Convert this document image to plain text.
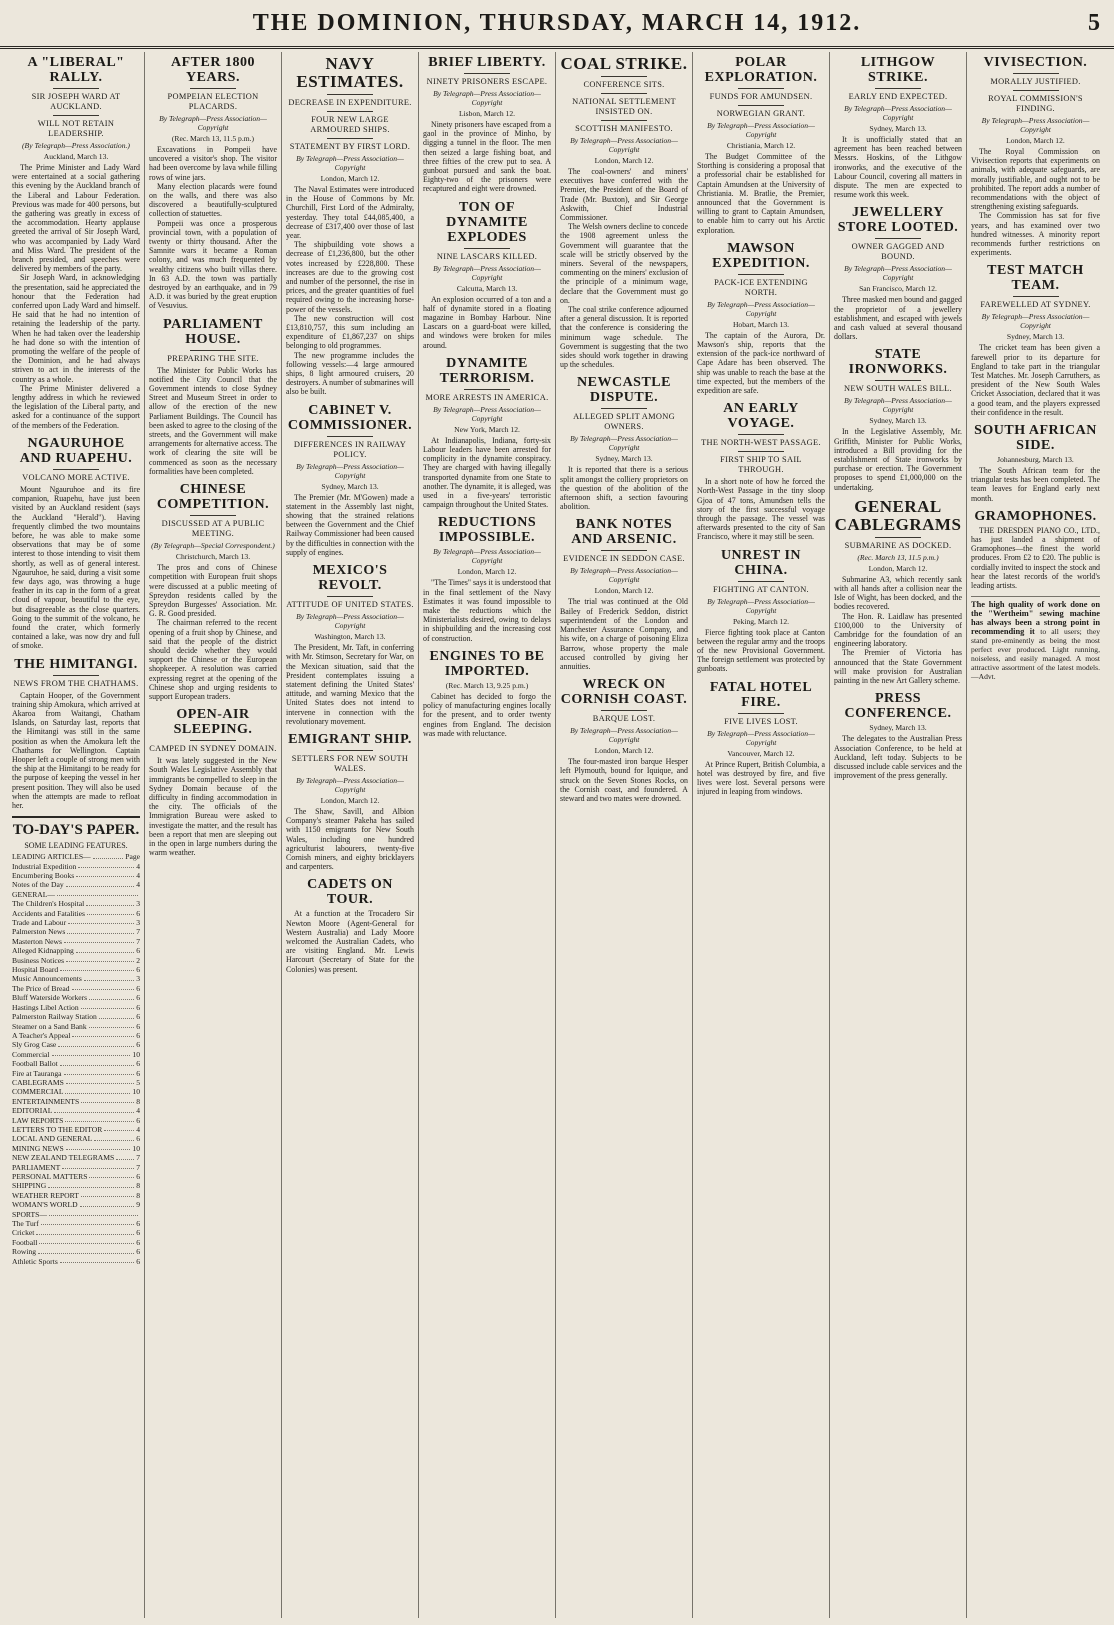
THE DOMINION, THURSDAY, MARCH 14, 1912.	5
A "LIBERAL" RALLY.
SIR JOSEPH WARD AT AUCKLAND.
WILL NOT RETAIN LEADERSHIP.
(By Telegraph—Press Association.)
Auckland, March 13.

The Prime Minister and Lady Ward were entertained at a social gathering this evening by the Auckland branch of the Liberal and Labour Federation. Previous was made for 400 persons, but the gathering was greatly in excess of the accommodation. Hearty applause greeted the arrival of Sir Joseph Ward, who was accompanied by Lady Ward and Miss Ward. The president of the branch presided, and speeches were delivered by members of the party.

Sir Joseph Ward, in acknowledging the presentation, said he appreciated the honour that the Federation had conferred upon Lady Ward and himself. He said that he had no intention of retaining the leadership of the party. When he had taken over the leadership he had done so with the intention of promoting the welfare of the people of the Dominion, and he had always striven to act in the interests of the country as a whole.

The Prime Minister delivered a lengthy address in which he reviewed the legislation of the Liberal party, and asked for a continuance of the support of the members of the Federation.

NGAURUHOE AND RUAPEHU.
VOLCANO MORE ACTIVE.

Mount Ngauruhoe and its fire companion, Ruapehu, have just been visited by an Auckland resident (says the Auckland "Herald"). Having frequently climbed the two mountains before, he was able to make some observations that may be of some interest to those intending to visit them shortly, as well as of general interest. Ngauruhoe, he said, during a visit some few days ago, was throwing a huge feather in its cap in the form of a great cloud of vapour, beautiful to the eye, but disagreeable as the close quarters. Going to the summit of the volcano, he found the crater, which formerly contained a lake, was now dry and full of smoke.

THE HIMITANGI.
NEWS FROM THE CHATHAMS.

Captain Hooper, of the Government training ship Amokura, which arrived at Akaroa from Waitangi, Chatham Islands, on Saturday last, reports that the Himitangi was still in the same position as when the Amokura left the Chathams for Wellington. Captain Hooper left a couple of strong men with the ship at the Himitangi to be ready for the purpose of keeping the vessel in her present position. They will also be used when the attempts are made to refloat her.

TO-DAY'S PAPER.
SOME LEADING FEATURES.
LEADING ARTICLES—	Page
Industrial Expedition	4
Encumbering Books	4
Notes of the Day	4
GENERAL—
The Children's Hospital	3
Accidents and Fatalities	6
Trade and Labour	3
Palmerston News	7
Masterton News	7
Alleged Kidnapping	6
Business Notices	2
Hospital Board	6
Music Announcements	3
The Price of Bread	6
Bluff Waterside Workers	6
Hastings Libel Action	6
Palmerston Railway Station	6
Steamer on a Sand Bank	6
A Teacher's Appeal	6
Sly Grog Case	6
Commercial	10
Football Ballot	6
Fire at Tauranga	6
CABLEGRAMS	5
COMMERCIAL	10
ENTERTAINMENTS	8
EDITORIAL	4
LAW REPORTS	6
LETTERS TO THE EDITOR	4
LOCAL AND GENERAL	6
MINING NEWS	10
NEW ZEALAND TELEGRAMS	7
PARLIAMENT	7
PERSONAL MATTERS	6
SHIPPING	8
WEATHER REPORT	8
WOMAN'S WORLD	9
SPORTS—
The Turf	6
Cricket	6
Football	6
Rowing	6
Athletic Sports	6
AFTER 1800 YEARS.
POMPEIAN ELECTION PLACARDS.
By Telegraph—Press Association—Copyright
(Rec. March 13, 11.5 p.m.)

Excavations in Pompeii have uncovered a visitor's shop. The visitor had been overcome by lava while filling rows of wine jars.

Many election placards were found on the walls, and there was also discovered a beautifully-sculptured collection of statuettes.

Pompeii was once a prosperous provincial town, with a population of twenty or thirty thousand. After the Samnite wars it became a Roman colony, and was much frequented by wealthy citizens who built villas there. In 63 A.D. the town was partially destroyed by an earthquake, and in 79 A.D. it was buried by the great eruption of Vesuvius.

PARLIAMENT HOUSE.
PREPARING THE SITE.

The Minister for Public Works has notified the City Council that the Government intends to close Sydney Street and Museum Street in order to allow of the erection of the new Parliament Buildings. The Council has been asked to agree to the closing of the streets, and the Government will make arrangements for alternative access. The work of clearing the site will be commenced as soon as the necessary formalities have been completed.

CHINESE COMPETITION.
DISCUSSED AT A PUBLIC MEETING.
(By Telegraph—Special Correspondent.)
Christchurch, March 13.

The pros and cons of Chinese competition with European fruit shops were discussed at a public meeting of Spreydon residents called by the Spreydon Burgesses' Association. Mr. G. R. Good presided.

The chairman referred to the recent opening of a fruit shop by Chinese, and said that the people of the district should decide whether they would support the Chinese or the European shopkeeper. A resolution was carried expressing regret at the opening of the Chinese shop and urging residents to support European traders.

OPEN-AIR SLEEPING.
CAMPED IN SYDNEY DOMAIN.

It was lately suggested in the New South Wales Legislative Assembly that immigrants be compelled to sleep in the Sydney Domain because of the difficulty in finding accommodation in the city. The officials of the Immigration Bureau were asked to investigate the matter, and the result has been a report that men are sleeping out in the open in large numbers during the warm weather.

NAVY ESTIMATES.
DECREASE IN EXPENDITURE.
FOUR NEW LARGE ARMOURED SHIPS.
STATEMENT BY FIRST LORD.
By Telegraph—Press Association—Copyright
London, March 12.

The Naval Estimates were introduced in the House of Commons by Mr. Churchill, First Lord of the Admiralty, yesterday. They total £44,085,400, a decrease of £317,400 over those of last year.

The shipbuilding vote shows a decrease of £1,236,800, but the other votes increased by £228,800. These increases are due to the growing cost and number of the personnel, the rise in prices, and the greater quantities of fuel required owing to the increasing horse-power of the vessels.

The new construction will cost £13,810,757, this sum including an expenditure of £1,867,237 on ships belonging to old programmes.

The new programme includes the following vessels:—4 large armoured ships, 8 light armoured cruisers, 20 destroyers. A number of submarines will also be built.

CABINET V. COMMISSIONER.
DIFFERENCES IN RAILWAY POLICY.
By Telegraph—Press Association—Copyright
Sydney, March 13.

The Premier (Mr. M'Gowen) made a statement in the Assembly last night, showing that the strained relations between the Government and the Chief Railway Commissioner had been caused by the difficulties in connection with the supply of engines.

MEXICO'S REVOLT.
ATTITUDE OF UNITED STATES.
By Telegraph—Press Association—Copyright
Washington, March 13.

The President, Mr. Taft, in conferring with Mr. Stimson, Secretary for War, on the Mexican situation, said that the President contemplates issuing a statement defining the United States' attitude, and warning Mexico that the United States does not intend to intervene in connection with the revolutionary movement.

EMIGRANT SHIP.
SETTLERS FOR NEW SOUTH WALES.
By Telegraph—Press Association—Copyright
London, March 12.

The Shaw, Savill, and Albion Company's steamer Pakeha has sailed with 1150 emigrants for New South Wales, including one hundred agriculturist labourers, twenty-five Cornish miners, and eighty bricklayers and carpenters.

CADETS ON TOUR.

At a function at the Trocadero Sir Newton Moore (Agent-General for Western Australia) and Lady Moore welcomed the Australian Cadets, who are visiting England. Mr. Lewis Harcourt (Secretary of State for the Colonies) was present.

BRIEF LIBERTY.
NINETY PRISONERS ESCAPE.
By Telegraph—Press Association—Copyright
Lisbon, March 12.

Ninety prisoners have escaped from a gaol in the province of Minho, by digging a tunnel in the floor. The men then seized a large fishing boat, and three fifties of the crew put to sea. A gunboat pursued and sank the boat. Eighty-two of the prisoners were recaptured and eight were drowned.

TON OF DYNAMITE EXPLODES
NINE LASCARS KILLED.
By Telegraph—Press Association—Copyright
Calcutta, March 13.

An explosion occurred of a ton and a half of dynamite stored in a floating magazine in Bombay Harbour. Nine Lascars on a guard-boat were killed, and windows were broken for miles around.

DYNAMITE TERRORISM.
MORE ARRESTS IN AMERICA.
By Telegraph—Press Association—Copyright
New York, March 12.

At Indianapolis, Indiana, forty-six Labour leaders have been arrested for complicity in the dynamite conspiracy. They are charged with having illegally transported dynamite from one State to another. The dynamite, it is alleged, was used in a five-years' terroristic campaign throughout the United States.

REDUCTIONS IMPOSSIBLE.
By Telegraph—Press Association—Copyright
London, March 12.

"The Times" says it is understood that in the final settlement of the Navy Estimates it was found impossible to make the reductions which the Ministerialists desired, owing to delays in shipbuilding and the increasing cost of construction.

ENGINES TO BE IMPORTED.
(Rec. March 13, 9.25 p.m.)

Cabinet has decided to forgo the policy of manufacturing engines locally for the present, and to order twenty engines from England. The decision was made with reluctance.

COAL STRIKE.
CONFERENCE SITS.
NATIONAL SETTLEMENT INSISTED ON.
SCOTTISH MANIFESTO.
By Telegraph—Press Association—Copyright
London, March 12.

The coal-owners' and miners' executives have conferred with the Premier, the President of the Board of Trade (Mr. Buxton), and Sir George Askwith, Chief Industrial Commissioner.

The Welsh owners decline to concede the 1908 agreement unless the Government will guarantee that the scale will be strictly observed by the miners. Several of the newspapers, commenting on the miners' exclusion of the principle of a minimum wage, declare that the Government must go on.

The coal strike conference adjourned after a general discussion. It is reported that the conference is considering the minimum wage schedule. The Government is suggesting that the two sides should work together in drawing up the schedules.

NEWCASTLE DISPUTE.
ALLEGED SPLIT AMONG OWNERS.
By Telegraph—Press Association—Copyright
Sydney, March 13.

It is reported that there is a serious split amongst the colliery proprietors on the question of the abolition of the afternoon shift, a section favouring abolition.

BANK NOTES AND ARSENIC.
EVIDENCE IN SEDDON CASE.
By Telegraph—Press Association—Copyright
London, March 12.

The trial was continued at the Old Bailey of Frederick Seddon, district superintendent of the London and Manchester Assurance Company, and his wife, on a charge of poisoning Eliza Barrow, whose property the male accused controlled by giving her annuities.

WRECK ON CORNISH COAST.
BARQUE LOST.
By Telegraph—Press Association—Copyright
London, March 12.

The four-masted iron barque Hesper left Plymouth, bound for Iquique, and struck on the Seven Stones Rocks, on the Cornish coast, and foundered. A steward and two mates were drowned.

POLAR EXPLORATION.
FUNDS FOR AMUNDSEN.
NORWEGIAN GRANT.
By Telegraph—Press Association—Copyright
Christiania, March 12.

The Budget Committee of the Storthing is considering a proposal that a professorial chair be established for Captain Amundsen at the University of Christiania. M. Bratlie, the Premier, announced that the Government is willing to grant to Captain Amundsen, to enable him to carry out his Arctic exploration.

MAWSON EXPEDITION.
PACK-ICE EXTENDING NORTH.
By Telegraph—Press Association—Copyright
Hobart, March 13.

The captain of the Aurora, Dr. Mawson's ship, reports that the extension of the pack-ice northward of Cape Adare has been observed. The ship was unable to reach the base at the time expected, but the members of the expedition are safe.

AN EARLY VOYAGE.
THE NORTH-WEST PASSAGE.
FIRST SHIP TO SAIL THROUGH.

In a short note of how he forced the North-West Passage in the tiny sloop Gjoa of 47 tons, Amundsen tells the story of the first successful voyage through the passage. The vessel was afterwards presented to the city of San Francisco, where it may still be seen.

UNREST IN CHINA.
FIGHTING AT CANTON.
By Telegraph—Press Association—Copyright
Peking, March 12.

Fierce fighting took place at Canton between the regular army and the troops of the new Provisional Government. The foreign settlement was protected by gunboats.

FATAL HOTEL FIRE.
FIVE LIVES LOST.
By Telegraph—Press Association—Copyright
Vancouver, March 12.

At Prince Rupert, British Columbia, a hotel was destroyed by fire, and five lives were lost. Several persons were injured in leaping from windows.

LITHGOW STRIKE.
EARLY END EXPECTED.
By Telegraph—Press Association—Copyright
Sydney, March 13.

It is unofficially stated that an agreement has been reached between Messrs. Hoskins, of the Lithgow ironworks, and the executive of the Labour Council, covering all matters in dispute. The men are expected to resume work this week.

JEWELLERY STORE LOOTED.
OWNER GAGGED AND BOUND.
By Telegraph—Press Association—Copyright
San Francisco, March 12.

Three masked men bound and gagged the proprietor of a jewellery establishment, and escaped with jewels and cash valued at several thousand dollars.

STATE IRONWORKS.
NEW SOUTH WALES BILL.
By Telegraph—Press Association—Copyright
Sydney, March 13.

In the Legislative Assembly, Mr. Griffith, Minister for Public Works, introduced a Bill providing for the establishment of State ironworks by purchase or erection. The Government proposes to spend £1,000,000 on the undertaking.

GENERAL CABLEGRAMS
SUBMARINE AS DOCKED.
(Rec. March 13, 11.5 p.m.)
London, March 12.

Submarine A3, which recently sank with all hands after a collision near the Isle of Wight, has been docked, and the bodies recovered.

The Hon. R. Laidlaw has presented £100,000 to the University of Cambridge for the foundation of an engineering laboratory.

The Premier of Victoria has announced that the State Government will make provision for Australian painting in the new Art Gallery scheme.

PRESS CONFERENCE.
Sydney, March 13.

The delegates to the Australian Press Association Conference, to be held at Auckland, left today. Subjects to be discussed include cable services and the improvement of the press generally.

VIVISECTION.
MORALLY JUSTIFIED.
ROYAL COMMISSION'S FINDING.
By Telegraph—Press Association—Copyright
London, March 12.

The Royal Commission on Vivisection reports that experiments on animals, with adequate safeguards, are morally justifiable, and ought not to be prohibited. The report adds a number of recommendations with the object of strengthening existing safeguards.

The Commission has sat for five years, and has examined over two hundred witnesses. A minority report recommends further restrictions on experiments.

TEST MATCH TEAM.
FAREWELLED AT SYDNEY.
By Telegraph—Press Association—Copyright
Sydney, March 13.

The cricket team has been given a farewell prior to its departure for England to take part in the triangular Test Matches. Mr. Joseph Carruthers, as president of the New South Wales Cricket Association, declared that it was a good team, and the players expressed their confidence in the result.

SOUTH AFRICAN SIDE.
Johannesburg, March 13.

The South African team for the triangular tests has been completed. The team leaves for England early next month.

GRAMOPHONES.

THE DRESDEN PIANO CO., LTD., has just landed a shipment of Gramophones—the finest the world produces. From £2 to £20. The public is cordially invited to inspect the stock and hear the latest records of the world's leading artists.

The high quality of work done on the "Wertheim" sewing machine has always been a strong point in recommending it to all users; they stand pre-eminently as being the most perfect ever produced. Light running, noiseless, and easily managed. A most attractive assortment of the latest models.—Advt.
